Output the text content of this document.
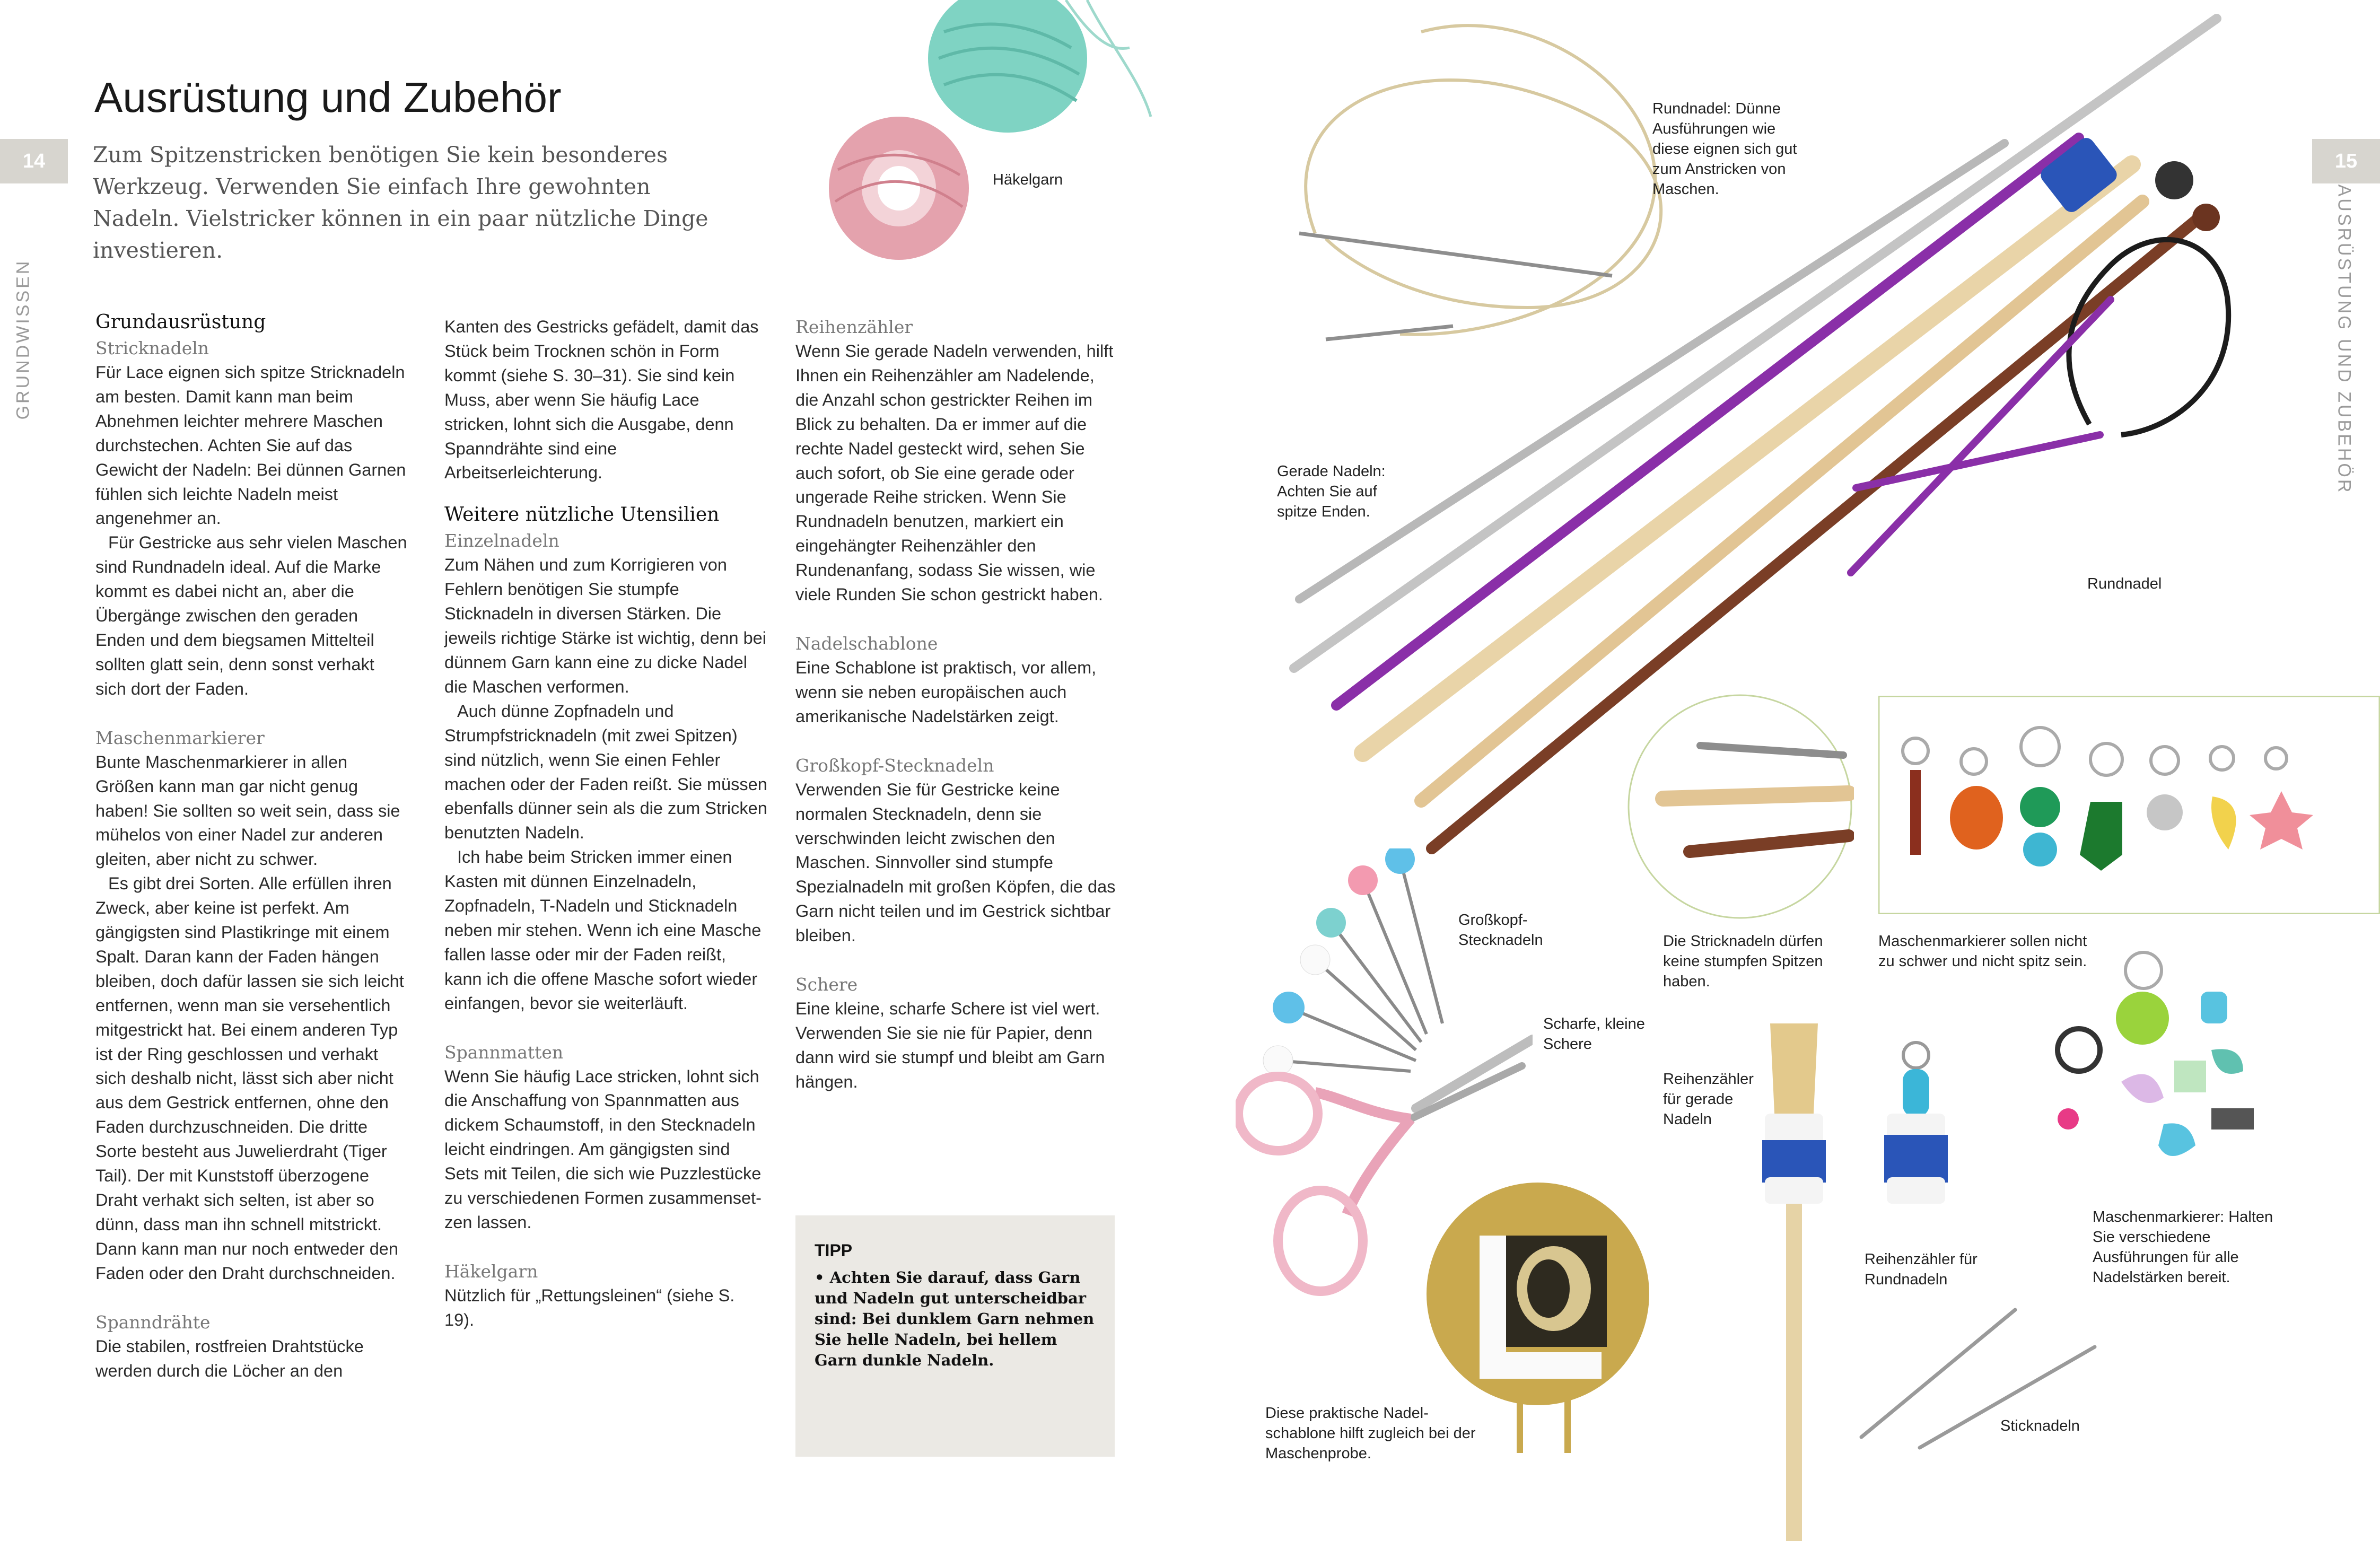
Ausrüstung und Zubehör
Zum Spitzenstricken benötigen Sie kein besonderes Werkzeug. Verwenden Sie einfach Ihre gewohnten Nadeln. Vielstricker können in ein paar nützliche Dinge investieren.
14
GRUNDWISSEN	Grundausrüstung

Stricknadeln

Für Lace eignen sich spitze Stricknadeln am besten. Damit kann man beim Abnehmen leichter mehrere Maschen durchstechen. Achten Sie auf das Gewicht der Nadeln: Bei dünnen Garnen fühlen sich leichte Nadeln meist angenehmer an.

Für Gestricke aus sehr vielen Maschen sind Rundnadeln ideal. Auf die Marke kommt es dabei nicht an, aber die Übergänge zwischen den geraden Enden und dem biegsamen Mittelteil sollten glatt sein, denn sonst verhakt sich dort der Faden.

Maschenmarkierer

Bunte Maschenmarkierer in allen Größen kann man gar nicht genug haben! Sie sollten so weit sein, dass sie mühelos von einer Nadel zur anderen gleiten, aber nicht zu schwer.

Es gibt drei Sorten. Alle erfüllen ihren Zweck, aber keine ist perfekt. Am gängigsten sind Plastikringe mit einem Spalt. Daran kann der Faden hängen bleiben, doch dafür lassen sie sich leicht entfernen, wenn man sie versehentlich mitgestrickt hat. Bei einem anderen Typ ist der Ring geschlossen und verhakt sich deshalb nicht, lässt sich aber nicht aus dem Gestrick entfernen, ohne den Faden durchzuschneiden. Die dritte Sorte besteht aus Juwelierdraht (Tiger Tail). Der mit Kunststoff überzogene Draht verhakt sich selten, ist aber so dünn, dass man ihn schnell mitstrickt. Dann kann man nur noch entweder den Faden oder den Draht durchschneiden.

Spanndrähte

Die stabilen, rostfreien Drahtstücke werden durch die Löcher an den

Kanten des Gestricks gefädelt, damit das Stück beim Trocknen schön in Form kommt (siehe S. 30–31). Sie sind kein Muss, aber wenn Sie häufig Lace stricken, lohnt sich die Ausgabe, denn Spanndrähte sind eine Arbeitserleichterung.

Weitere nützliche Utensilien

Einzelnadeln

Zum Nähen und zum Korrigieren von Fehlern benötigen Sie stumpfe Sticknadeln in diversen Stärken. Die jeweils richtige Stärke ist wichtig, denn bei dünnem Garn kann eine zu dicke Nadel die Maschen verformen.

Auch dünne Zopfnadeln und Strumpfstricknadeln (mit zwei Spitzen) sind nützlich, wenn Sie einen Fehler machen oder der Faden reißt. Sie müssen ebenfalls dünner sein als die zum Stricken benutzten Nadeln.

Ich habe beim Stricken immer einen Kasten mit dünnen Einzelnadeln, Zopfnadeln, T-Nadeln und Sticknadeln neben mir stehen. Wenn ich eine Masche fallen lasse oder mir der Faden reißt, kann ich die offene Masche sofort wieder einfangen, bevor sie weiterläuft.

Spannmatten

Wenn Sie häufig Lace stricken, lohnt sich die Anschaffung von Spannmatten aus dickem Schaumstoff, in den Stecknadeln leicht eindringen. Am gängigsten sind Sets mit Teilen, die sich wie Puzzlestücke zu verschiedenen Formen zusammensetzen lassen.

Häkelgarn

Nützlich für „Rettungsleinen“ (siehe S. 19).

Reihenzähler

Wenn Sie gerade Nadeln verwenden, hilft Ihnen ein Reihenzähler am Nadelende, die Anzahl schon gestrickter Reihen im Blick zu behalten. Da er immer auf die rechte Nadel gesteckt wird, sehen Sie auch sofort, ob Sie eine gerade oder ungerade Reihe stricken. Wenn Sie Rundnadeln benutzen, markiert ein eingehängter Reihenzähler den Rundenanfang, sodass Sie wissen, wie viele Runden Sie schon gestrickt haben.

Nadelschablone

Eine Schablone ist praktisch, vor allem, wenn sie neben europäischen auch amerikanische Nadelstärken zeigt.

Großkopf-Stecknadeln

Verwenden Sie für Gestricke keine normalen Stecknadeln, denn sie verschwinden leicht zwischen den Maschen. Sinnvoller sind stumpfe Spezialnadeln mit großen Köpfen, die das Garn nicht teilen und im Gestrick sichtbar bleiben.

Schere

Eine kleine, scharfe Schere ist viel wert. Verwenden Sie sie nie für Papier, denn dann wird sie stumpf und bleibt am Garn hängen.

TIPP
• Achten Sie darauf, dass Garn und Nadeln gut unterscheidbar sind: Bei dunklem Garn nehmen Sie helle Nadeln, bei hellem Garn dunkle Nadeln.
Häkelgarn
15
AUSRÜSTUNG UND ZUBEHÖR
Rundnadel: Dünne Ausführungen wie diese eignen sich gut zum Anstricken von Maschen.
Gerade Nadeln: Achten Sie auf spitze Enden.
Rundnadel
Die Stricknadeln dürfen keine stumpfen Spitzen haben.
Maschenmarkierer sollen nicht zu schwer und nicht spitz sein.
Großkopf-Stecknadeln
Scharfe, kleine Schere
Diese praktische Nadelschablone hilft zugleich bei der Maschenprobe.
Reihenzähler für gerade Nadeln
Reihenzähler für Rundnadeln
Maschenmarkierer: Halten Sie verschiedene Ausführungen für alle Nadelstärken bereit.
Sticknadeln
